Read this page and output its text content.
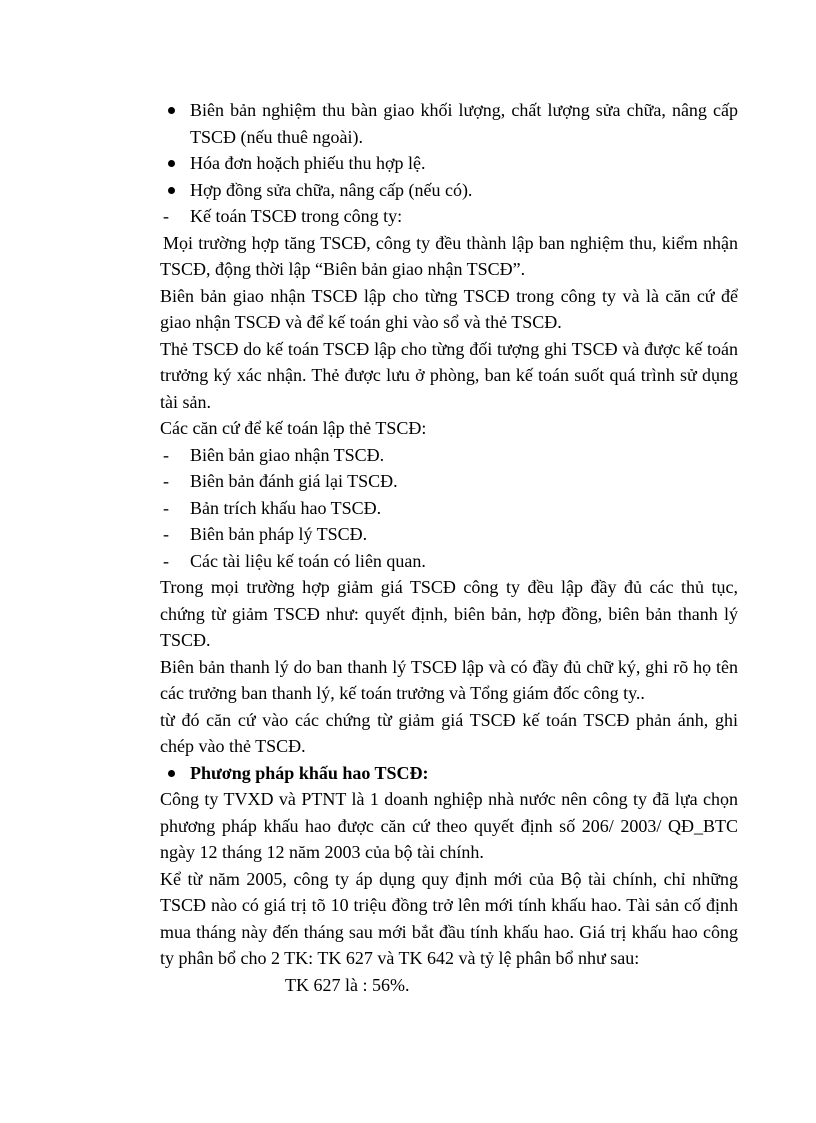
Biên bản nghiệm thu bàn giao khối lượng, chất lượng sửa chữa, nâng cấp TSCĐ (nếu thuê ngoài).
Hóa đơn hoặch phiếu thu hợp lệ.
Hợp đồng sửa chữa, nâng cấp (nếu có).
- Kế toán TSCĐ trong công ty:
Mọi trường hợp tăng TSCĐ, công ty đều thành lập ban nghiệm thu, kiểm nhận TSCĐ, động thời lập “Biên bản giao nhận TSCĐ”.
Biên bản giao nhận TSCĐ lập cho từng TSCĐ trong công ty và là căn cứ để giao nhận TSCĐ và để kế toán ghi vào sổ và thẻ TSCĐ.
Thẻ TSCĐ do kế toán TSCĐ lập cho từng đối tượng ghi TSCĐ và được kế toán trưởng ký xác nhận. Thẻ được lưu ở phòng, ban kế toán suốt quá trình sử dụng tài sản.
Các căn cứ để kế toán lập thẻ TSCĐ:
- Biên bản giao nhận TSCĐ.
- Biên bản đánh giá lại TSCĐ.
- Bản trích khấu hao TSCĐ.
- Biên bản pháp lý TSCĐ.
- Các tài liệu kế toán có liên quan.
Trong mọi trường hợp giảm giá TSCĐ công ty đều lập đầy đủ các thủ tục, chứng từ giảm TSCĐ như: quyết định, biên bản, hợp đồng, biên bản thanh lý TSCĐ.
Biên bản thanh lý do ban thanh lý TSCĐ lập và có đầy đủ chữ ký, ghi rõ họ tên các trưởng ban thanh lý, kế toán trưởng và Tổng giám đốc công ty..
từ đó căn cứ vào các chứng từ giảm giá TSCĐ kế toán TSCĐ phản ánh, ghi chép vào thẻ TSCĐ.
Phương pháp khấu hao TSCĐ:
Công ty TVXD và PTNT là 1 doanh nghiệp nhà nước nên công ty đã lựa chọn phương pháp khấu hao được căn cứ theo quyết định số 206/ 2003/ QĐ_BTC ngày 12 tháng 12 năm 2003 của bộ tài chính.
Kể từ năm 2005, công ty áp dụng quy định mới của Bộ tài chính, chỉ những TSCĐ nào có giá trị tõ 10 triệu đồng trở lên mới tính khấu hao. Tài sản cố định mua tháng này đến tháng sau mới bắt đầu tính khấu hao. Giá trị khấu hao công ty phân bổ cho 2 TK: TK 627 và TK 642 và tỷ lệ phân bổ như sau:
TK 627 là : 56%.
